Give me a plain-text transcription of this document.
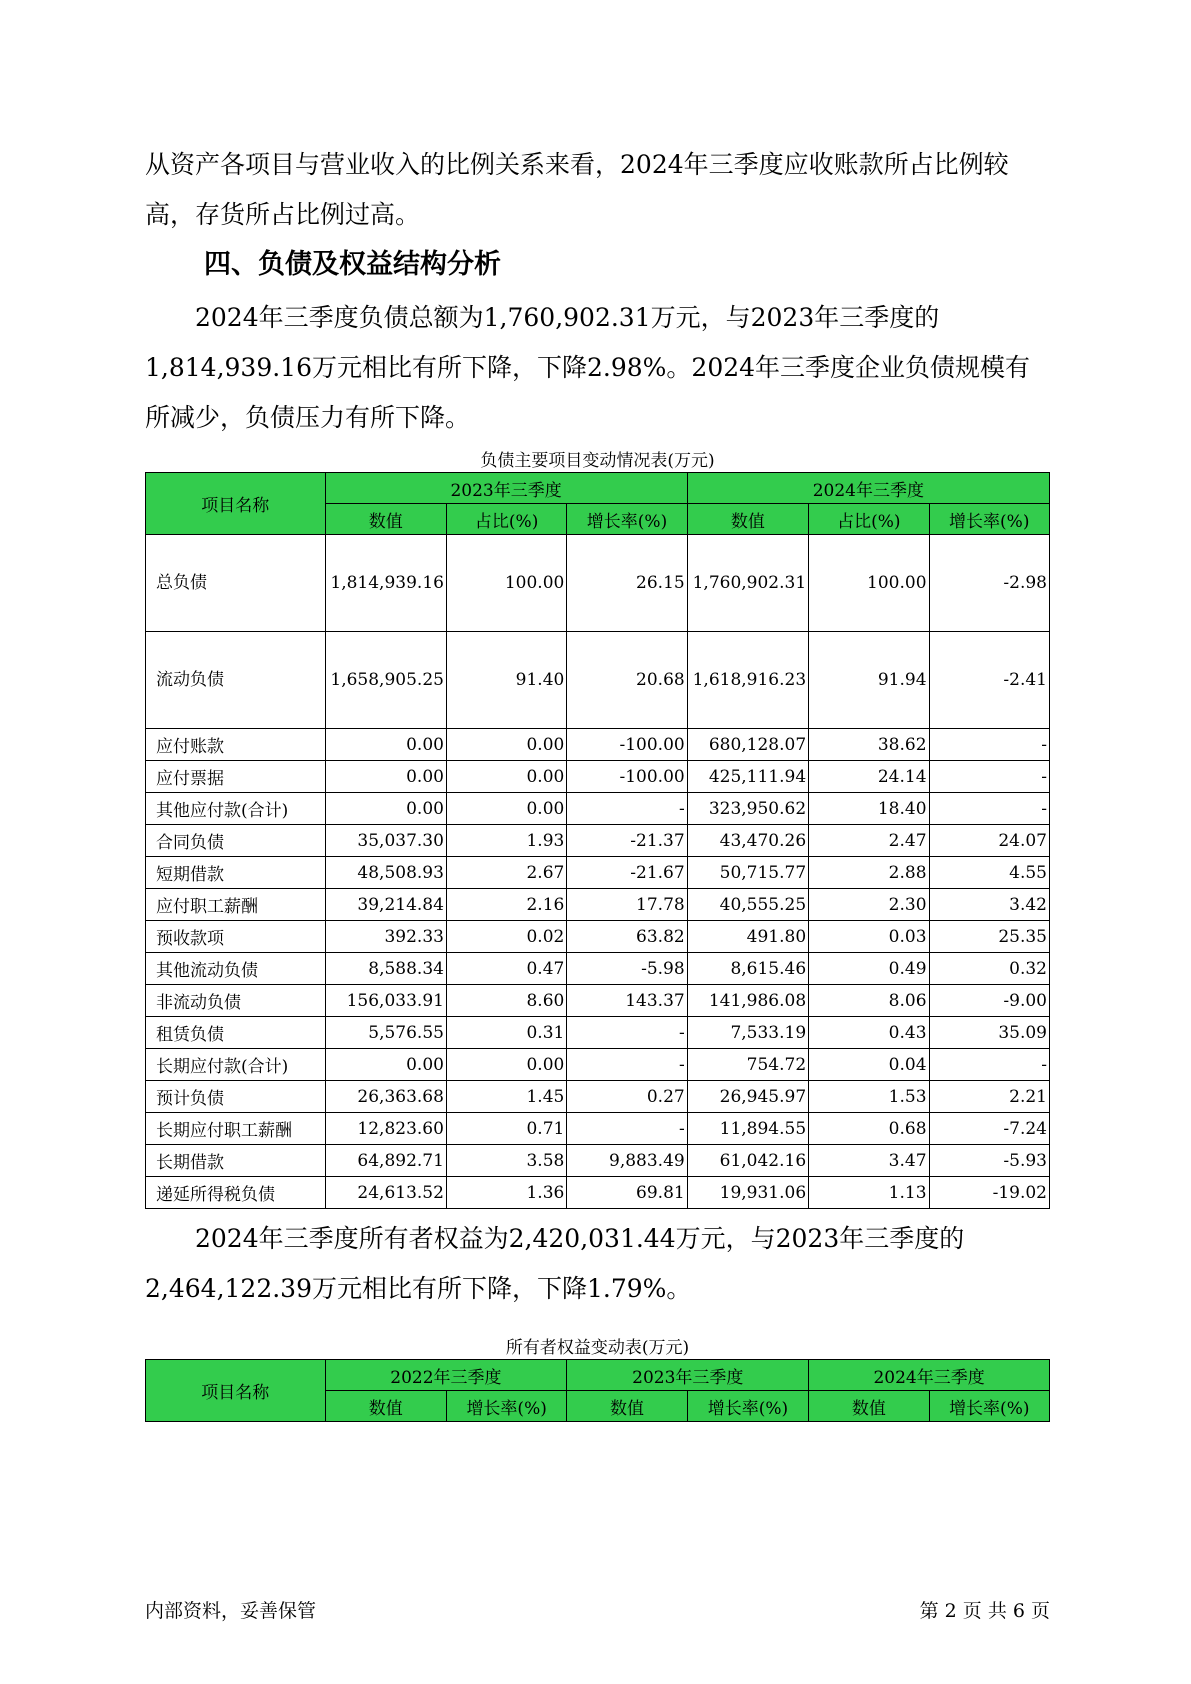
从资产各项目与营业收入的比例关系来看，2024年三季度应收账款所占比例较高，存货所占比例过高。
四、负债及权益结构分析
2024年三季度负债总额为1,760,902.31万元，与2023年三季度的1,814,939.16万元相比有所下降，下降2.98%。2024年三季度企业负债规模有所减少，负债压力有所下降。
负债主要项目变动情况表(万元)
项目名称	2023年三季度			2024年三季度		
	数值	占比(%)	增长率(%)	数值	占比(%)	增长率(%)
总负债	1,814,939.16	100.00	26.15	1,760,902.31	100.00	-2.98
流动负债	1,658,905.25	91.40	20.68	1,618,916.23	91.94	-2.41
应付账款	0.00	0.00	-100.00	680,128.07	38.62	-
应付票据	0.00	0.00	-100.00	425,111.94	24.14	-
其他应付款(合计)	0.00	0.00	-	323,950.62	18.40	-
合同负债	35,037.30	1.93	-21.37	43,470.26	2.47	24.07
短期借款	48,508.93	2.67	-21.67	50,715.77	2.88	4.55
应付职工薪酬	39,214.84	2.16	17.78	40,555.25	2.30	3.42
预收款项	392.33	0.02	63.82	491.80	0.03	25.35
其他流动负债	8,588.34	0.47	-5.98	8,615.46	0.49	0.32
非流动负债	156,033.91	8.60	143.37	141,986.08	8.06	-9.00
租赁负债	5,576.55	0.31	-	7,533.19	0.43	35.09
长期应付款(合计)	0.00	0.00	-	754.72	0.04	-
预计负债	26,363.68	1.45	0.27	26,945.97	1.53	2.21
长期应付职工薪酬	12,823.60	0.71	-	11,894.55	0.68	-7.24
长期借款	64,892.71	3.58	9,883.49	61,042.16	3.47	-5.93
递延所得税负债	24,613.52	1.36	69.81	19,931.06	1.13	-19.02
2024年三季度所有者权益为2,420,031.44万元，与2023年三季度的2,464,122.39万元相比有所下降，下降1.79%。
所有者权益变动表(万元)
项目名称	2022年三季度		2023年三季度		2024年三季度	
	数值	增长率(%)	数值	增长率(%)	数值	增长率(%)
内部资料，妥善保管	第 2 页 共 6 页
